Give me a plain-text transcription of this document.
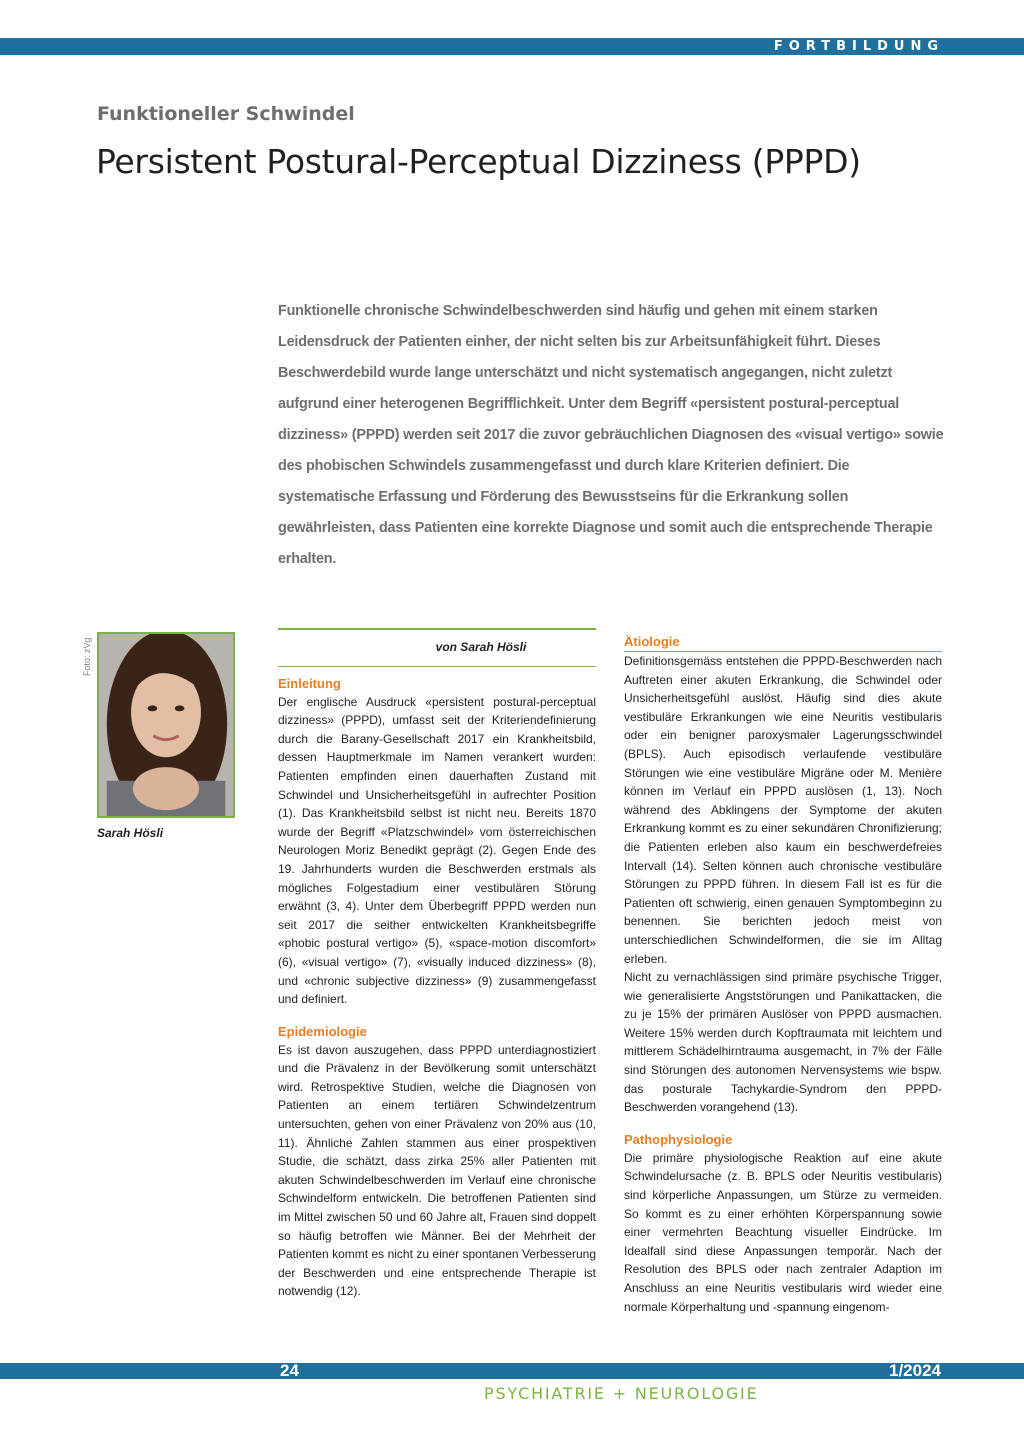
FORTBILDUNG
Funktioneller Schwindel
Persistent Postural-Perceptual Dizziness (PPPD)

Funktionelle chronische Schwindelbeschwerden sind häufig und gehen mit einem starken Leidensdruck der Patienten einher, der nicht selten bis zur Arbeitsunfähigkeit führt. Dieses Beschwerdebild wurde lange unterschätzt und nicht systematisch angegangen, nicht zuletzt aufgrund einer heterogenen Begrifflichkeit. Unter dem Begriff «persistent postural-perceptual dizziness» (PPPD) werden seit 2017 die zuvor gebräuchlichen Diagnosen des «visual vertigo» sowie des phobischen Schwindels zusammengefasst und durch klare Kriterien definiert. Die systematische Erfassung und Förderung des Bewusstseins für die Erkrankung sollen gewährleisten, dass Patienten eine korrekte Diagnose und somit auch die entsprechende Therapie erhalten.

Foto: zVg
Sarah Hösli
von Sarah Hösli
Einleitung

Der englische Ausdruck «persistent postural-perceptual dizziness» (PPPD), umfasst seit der Kriteriendefinierung durch die Barany-Gesellschaft 2017 ein Krankheitsbild, dessen Hauptmerkmale im Namen verankert wurden: Patienten empfinden einen dauerhaften Zustand mit Schwindel und Unsicherheitsgefühl in aufrechter Position (1). Das Krankheitsbild selbst ist nicht neu. Bereits 1870 wurde der Begriff «Platzschwindel» vom österreichischen Neurologen Moriz Benedikt geprägt (2). Gegen Ende des 19. Jahrhunderts wurden die Beschwerden erstmals als mögliches Folgestadium einer vestibulären Störung erwähnt (3, 4). Unter dem Überbegriff PPPD werden nun seit 2017 die seither entwickelten Krankheitsbegriffe «phobic postural vertigo» (5), «space-motion discomfort» (6), «visual vertigo» (7), «visually induced dizziness» (8), und «chronic subjective dizziness» (9) zusammengefasst und definiert.

Epidemiologie

Es ist davon auszugehen, dass PPPD unterdiagnostiziert und die Prävalenz in der Bevölkerung somit unterschätzt wird. Retrospektive Studien, welche die Diagnosen von Patienten an einem tertiären Schwindelzentrum untersuchten, gehen von einer Prävalenz von 20% aus (10, 11). Ähnliche Zahlen stammen aus einer prospektiven Studie, die schätzt, dass zirka 25% aller Patienten mit akuten Schwindelbeschwerden im Verlauf eine chronische Schwindelform entwickeln. Die betroffenen Patienten sind im Mittel zwischen 50 und 60 Jahre alt, Frauen sind doppelt so häufig betroffen wie Männer. Bei der Mehrheit der Patienten kommt es nicht zu einer spontanen Verbesserung der Beschwerden und eine entsprechende Therapie ist notwendig (12).

Ätiologie

Definitionsgemäss entstehen die PPPD-Beschwerden nach Auftreten einer akuten Erkrankung, die Schwindel oder Unsicherheitsgefühl auslöst. Häufig sind dies akute vestibuläre Erkrankungen wie eine Neuritis vestibularis oder ein benigner paroxysmaler Lagerungsschwindel (BPLS). Auch episodisch verlaufende vestibuläre Störungen wie eine vestibuläre Migräne oder M. Menière können im Verlauf ein PPPD auslösen (1, 13). Noch während des Abklingens der Symptome der akuten Erkrankung kommt es zu einer sekundären Chronifizierung; die Patienten erleben also kaum ein beschwerdefreies Intervall (14). Selten können auch chronische vestibuläre Störungen zu PPPD führen. In diesem Fall ist es für die Patienten oft schwierig, einen genauen Symptombeginn zu benennen. Sie berichten jedoch meist von unterschiedlichen Schwindelformen, die sie im Alltag erleben.

Nicht zu vernachlässigen sind primäre psychische Trigger, wie generalisierte Angststörungen und Panikattacken, die zu je 15% der primären Auslöser von PPPD ausmachen. Weitere 15% werden durch Kopftraumata mit leichtem und mittlerem Schädelhirntrauma ausgemacht, in 7% der Fälle sind Störungen des autonomen Nervensystems wie bspw. das posturale Tachykardie-Syndrom den PPPD-Beschwerden vorangehend (13).

Pathophysiologie

Die primäre physiologische Reaktion auf eine akute Schwindelursache (z. B. BPLS oder Neuritis vestibularis) sind körperliche Anpassungen, um Stürze zu vermeiden. So kommt es zu einer erhöhten Körperspannung sowie einer vermehrten Beachtung visueller Eindrücke. Im Idealfall sind diese Anpassungen temporär. Nach der Resolution des BPLS oder nach zentraler Adaption im Anschluss an eine Neuritis vestibularis wird wieder eine normale Körperhaltung und -spannung eingenom-

24	1/2024
PSYCHIATRIE + NEUROLOGIE
